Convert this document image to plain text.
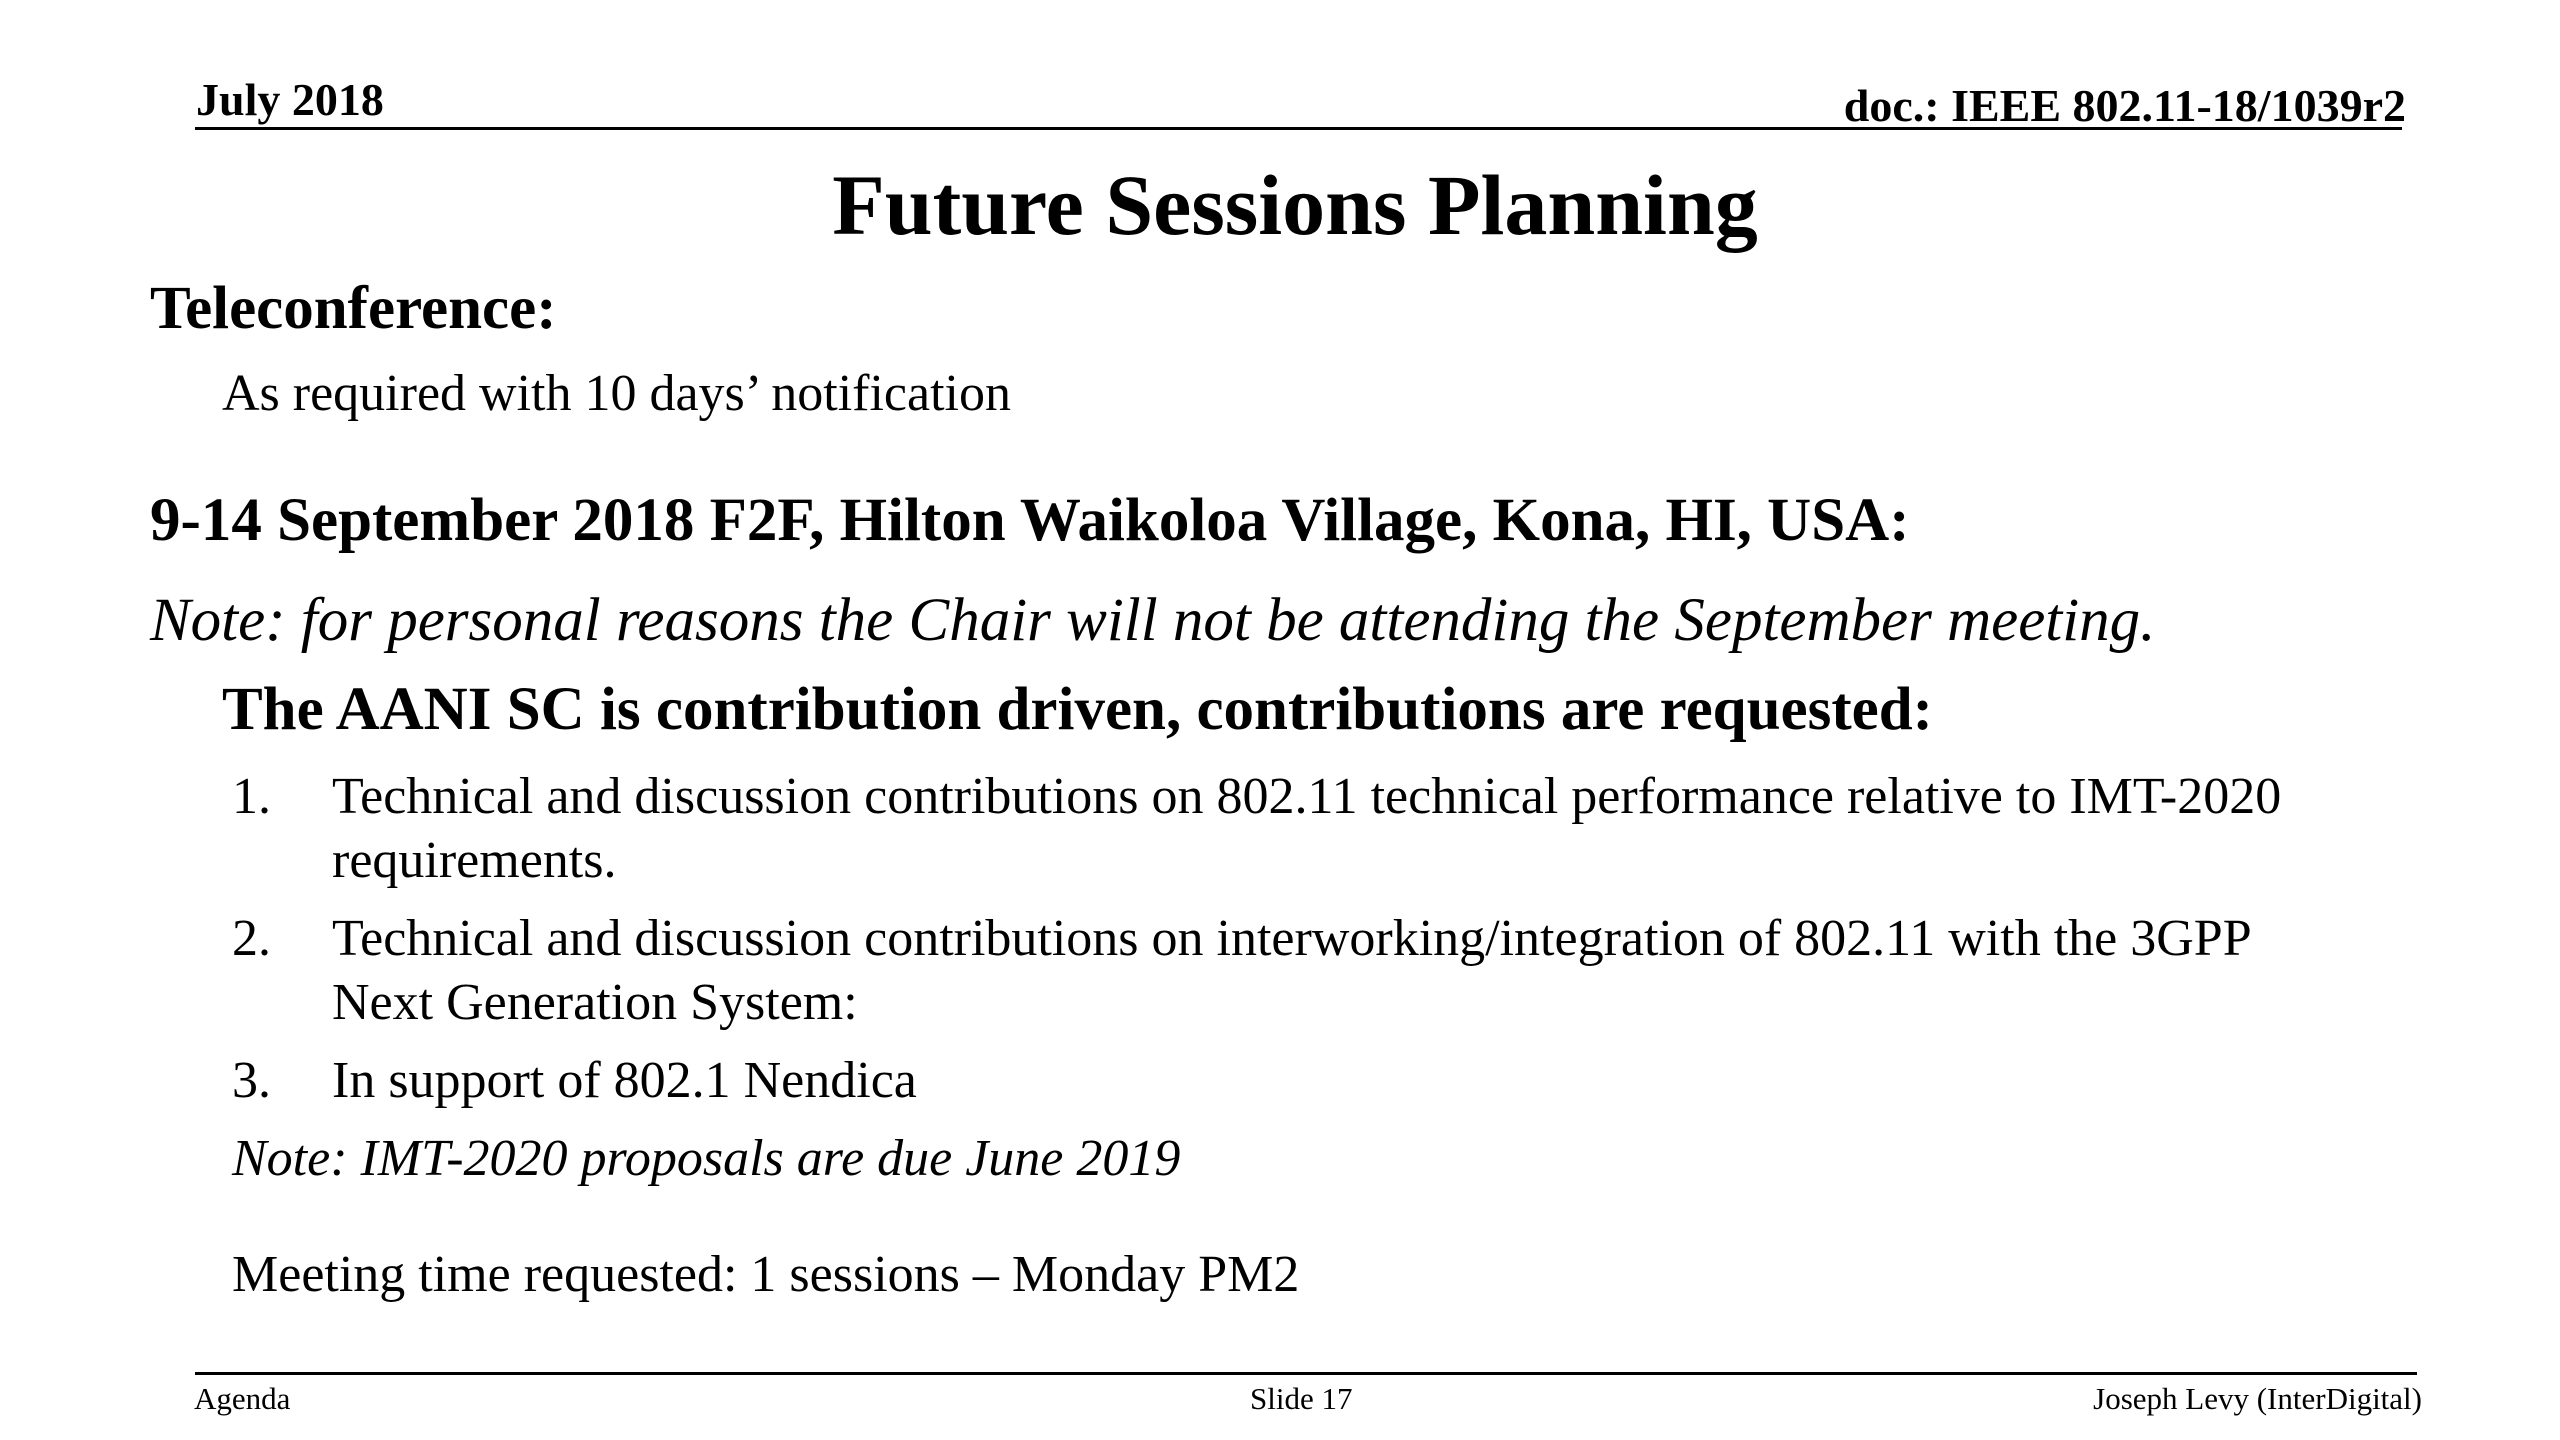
July 2018	doc.: IEEE 802.11-18/1039r2
Future Sessions Planning
Teleconference:
As required with 10 days’ notification
9-14 September 2018 F2F, Hilton Waikoloa Village, Kona, HI, USA:
Note: for personal reasons the Chair will not be attending the September meeting.
The AANI SC is contribution driven, contributions are requested:
1. Technical and discussion contributions on 802.11 technical performance relative to IMT-2020 requirements.
2. Technical and discussion contributions on interworking/integration of 802.11 with the 3GPP Next Generation System:
3. In support of 802.1 Nendica
Note: IMT-2020 proposals are due June 2019
Meeting time requested: 1 sessions – Monday PM2
Agenda	Slide 17	Joseph Levy (InterDigital)
